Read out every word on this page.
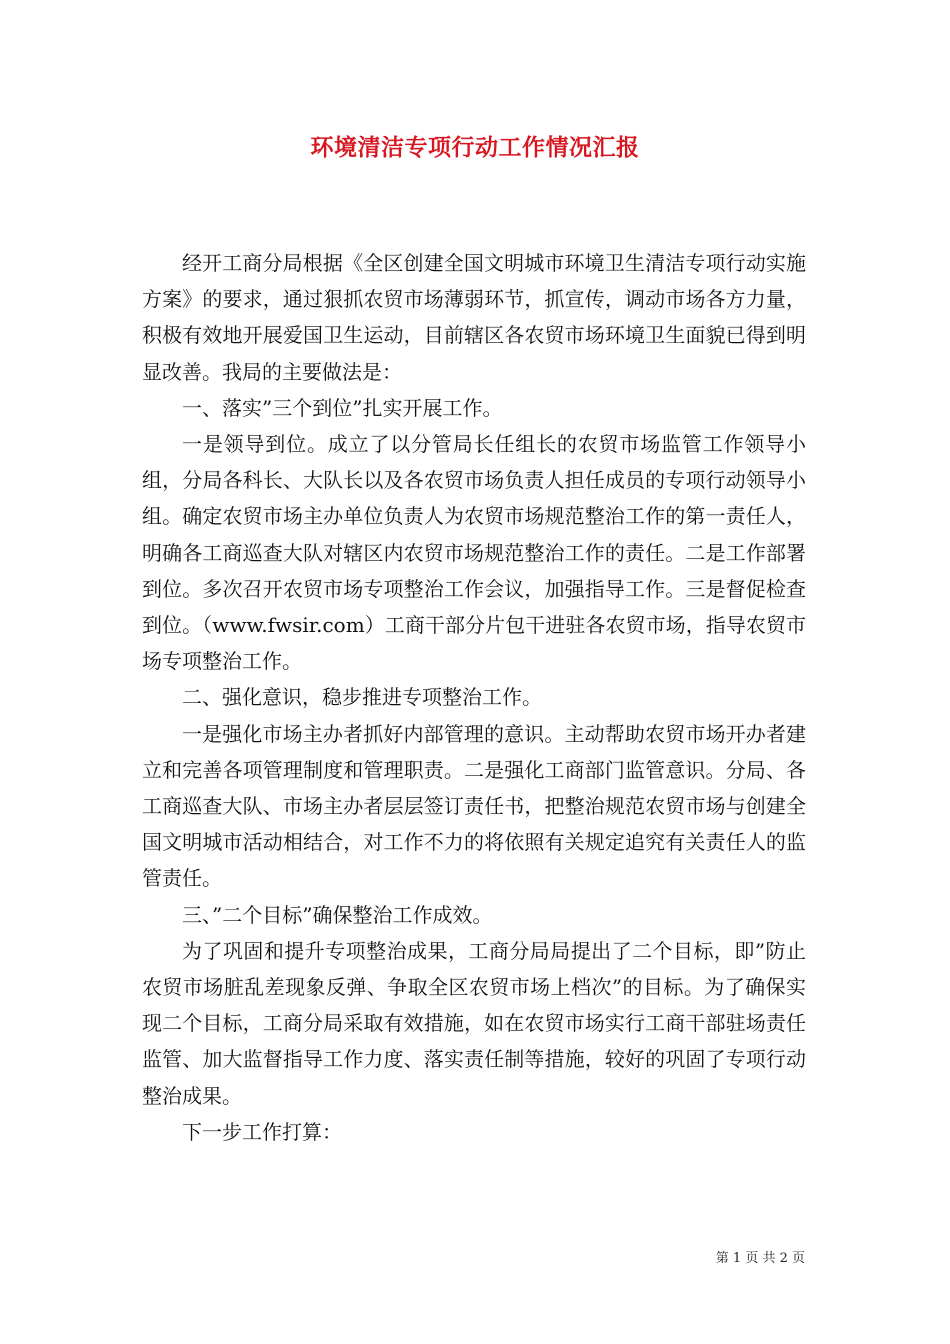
环境清洁专项行动工作情况汇报

经开工商分局根据《全区创建全国文明城市环境卫生清洁专项行动实施方案》的要求，通过狠抓农贸市场薄弱环节，抓宣传，调动市场各方力量，积极有效地开展爱国卫生运动，目前辖区各农贸市场环境卫生面貌已得到明显改善。我局的主要做法是：

一、落实”三个到位”扎实开展工作。

一是领导到位。成立了以分管局长任组长的农贸市场监管工作领导小组，分局各科长、大队长以及各农贸市场负责人担任成员的专项行动领导小组。确定农贸市场主办单位负责人为农贸市场规范整治工作的第一责任人，明确各工商巡查大队对辖区内农贸市场规范整治工作的责任。二是工作部署到位。多次召开农贸市场专项整治工作会议，加强指导工作。三是督促检查到位。（www.fwsir.com）工商干部分片包干进驻各农贸市场，指导农贸市场专项整治工作。

二、强化意识，稳步推进专项整治工作。

一是强化市场主办者抓好内部管理的意识。主动帮助农贸市场开办者建立和完善各项管理制度和管理职责。二是强化工商部门监管意识。分局、各工商巡查大队、市场主办者层层签订责任书，把整治规范农贸市场与创建全国文明城市活动相结合，对工作不力的将依照有关规定追究有关责任人的监管责任。

三、”二个目标”确保整治工作成效。

为了巩固和提升专项整治成果，工商分局局提出了二个目标，即”防止农贸市场脏乱差现象反弹、争取全区农贸市场上档次”的目标。为了确保实现二个目标，工商分局采取有效措施，如在农贸市场实行工商干部驻场责任监管、加大监督指导工作力度、落实责任制等措施，较好的巩固了专项行动整治成果。

下一步工作打算：

第 1 页 共 2 页
